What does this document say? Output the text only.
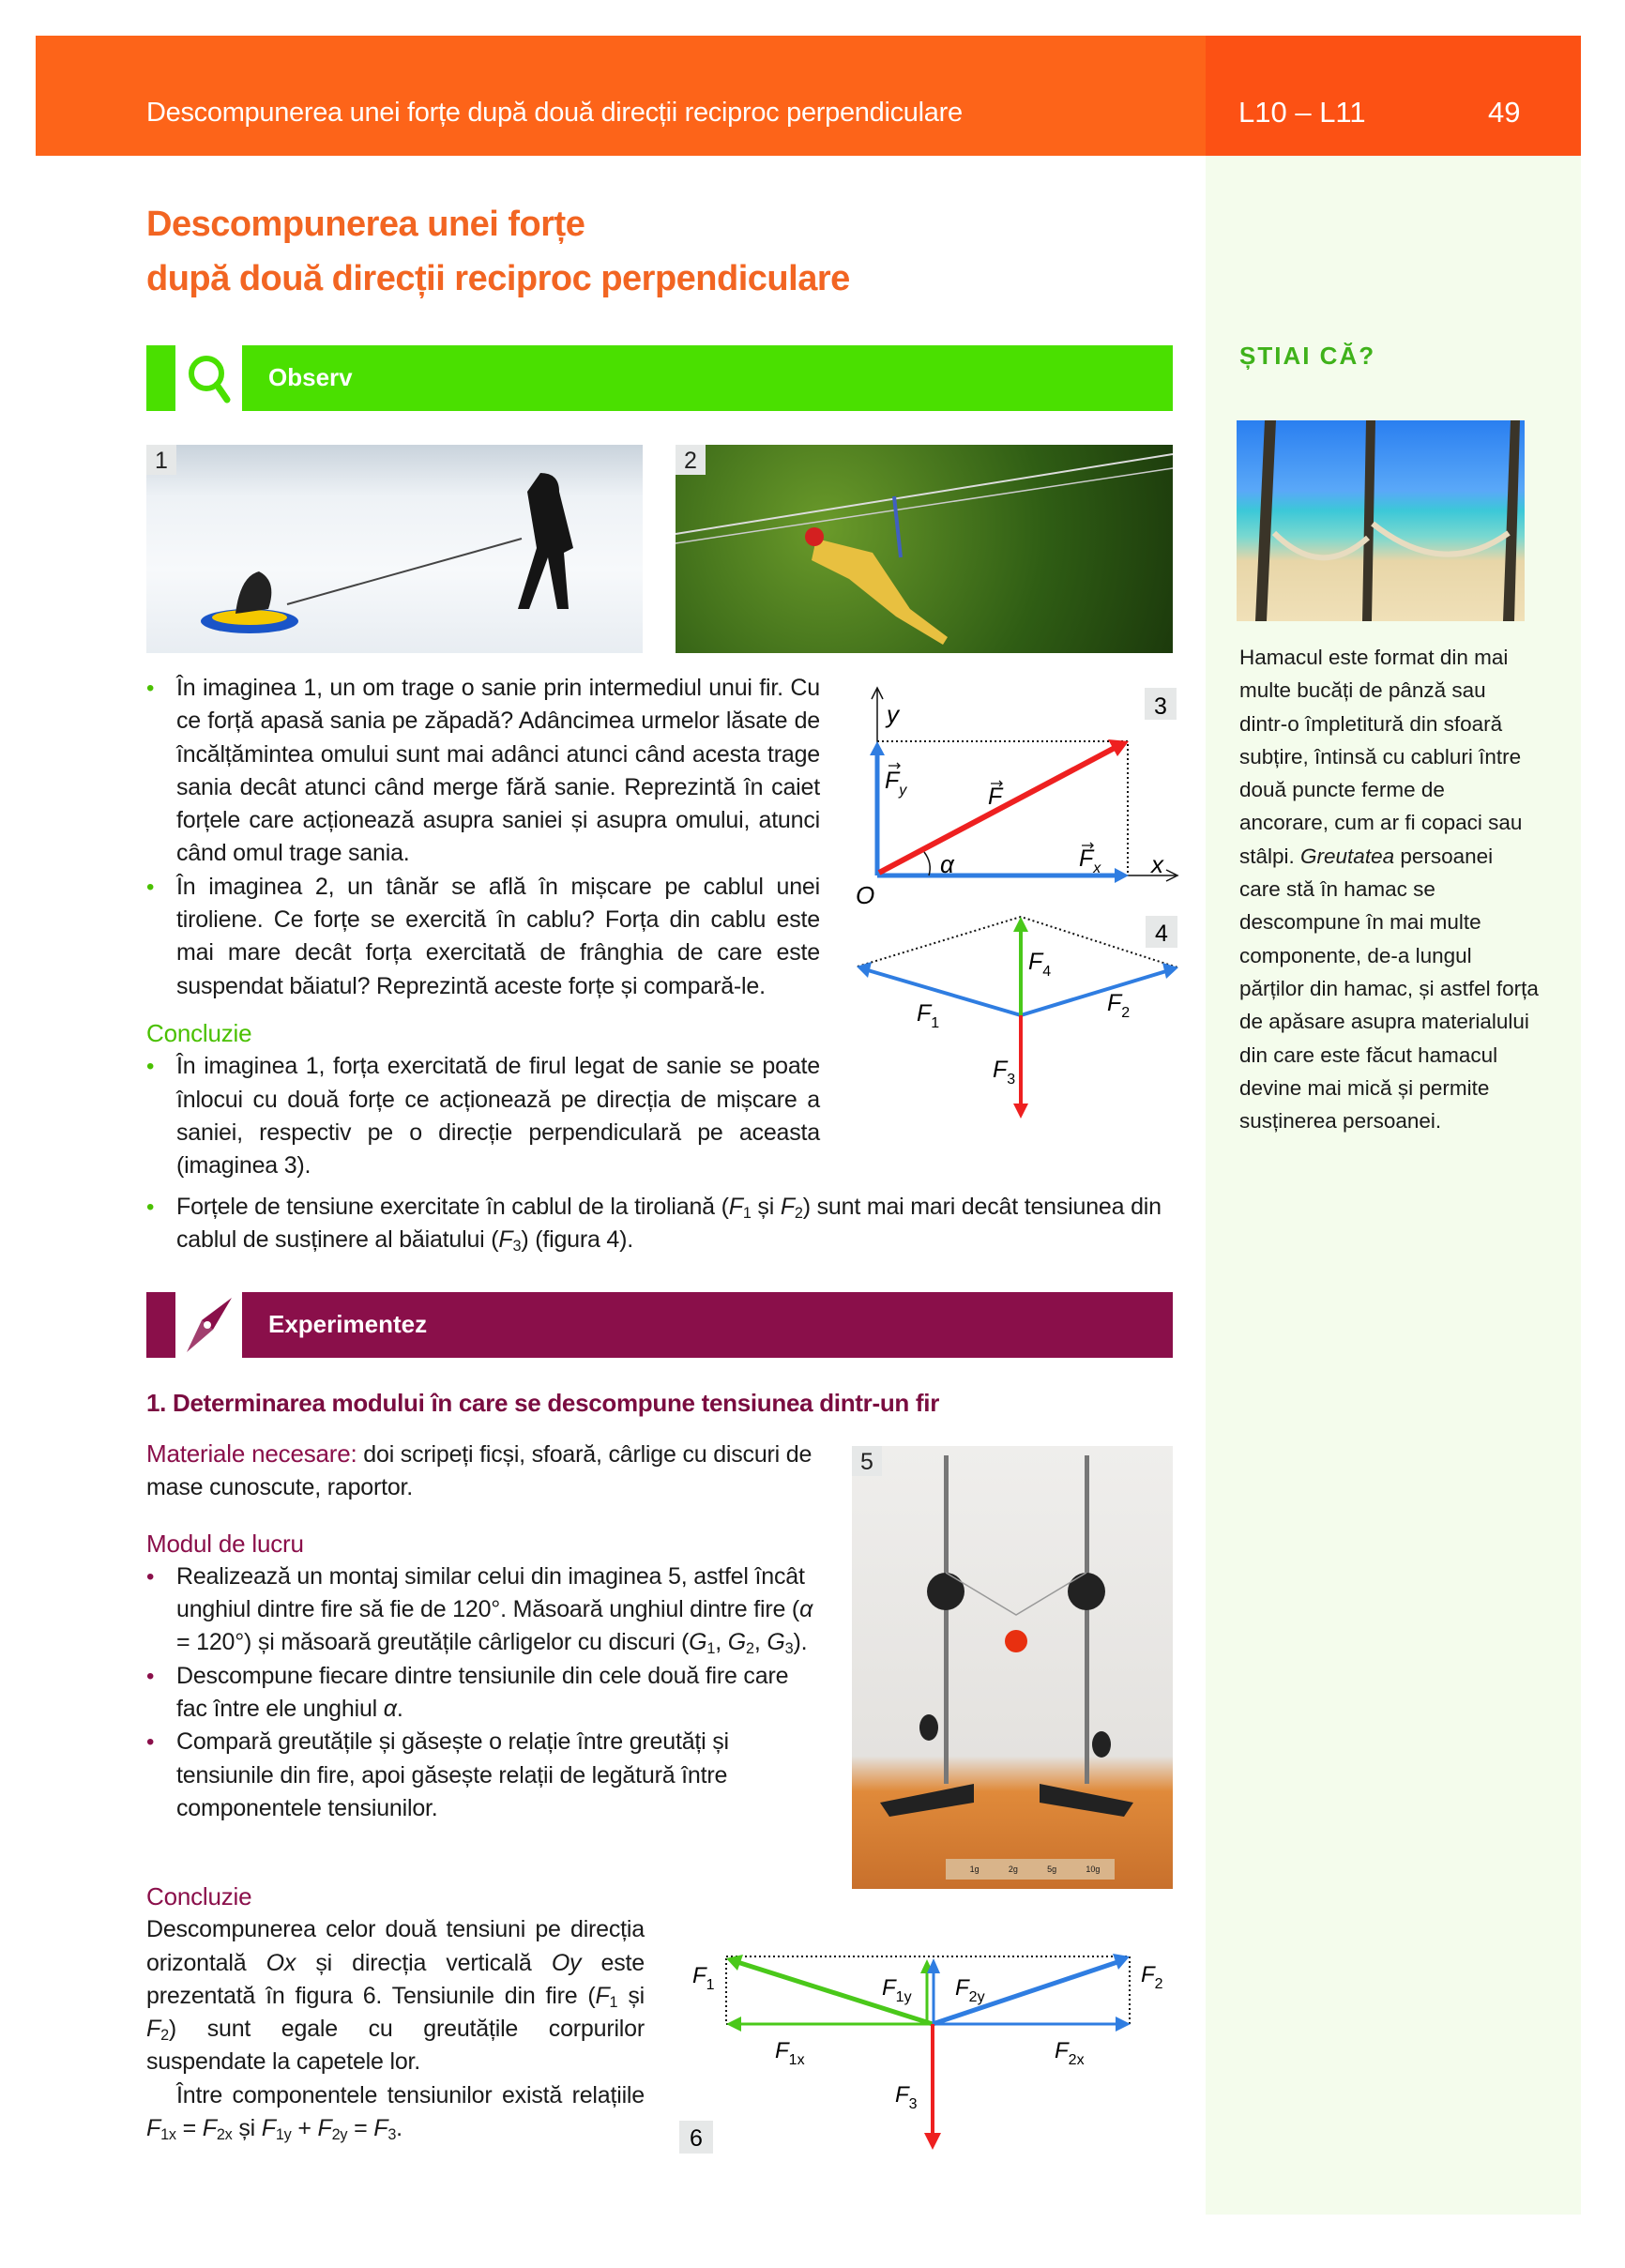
Descompunerea unei forțe după două direcții reciproc perpendiculare	L10 – L11	49
Descompunerea unei forțe
după două direcții reciproc perpendiculare
Observ
1	2
• În imaginea 1, un om trage o sanie prin intermediul unui fir. Cu ce forță apasă sania pe zăpadă? Adâncimea urmelor lăsate de încălțămintea omului sunt mai adânci atunci când acesta trage sania decât atunci când merge fără sanie. Reprezintă în caiet forțele care acționează asupra saniei și asupra omului, atunci când omul trage sania.
• În imaginea 2, un tânăr se află în mișcare pe cablul unei tiroliene. Ce forțe se exercită în cablu? Forța din cablu este mai mare decât forța exercitată de frânghia de care este suspendat băiatul? Reprezintă aceste forțe și compară-le.
Concluzie
• În imaginea 1, forța exercitată de firul legat de sanie se poate înlocui cu două forțe ce acționează pe direcția de mișcare a saniei, respectiv pe o direcție perpendiculară pe aceasta (imaginea 3).
• Forțele de tensiune exercitate în cablul de la tiroliană ($F_1$ și $F_2$) sunt mai mari decât tensiunea din cablul de susținere al băiatului $(F_3)$ (figura 4).
3
α
y
x
O
$F_y$	F
$F_x$
4
$F_1$
$F_2$
$F_3$
$F_4$
Experimentez
1. Determinarea modului în care se descompune tensiunea dintr-un fir
Materiale necesare: doi scripeți ficși, sfoară, cârlige cu discuri de mase cunoscute, raportor.
Modul de lucru
• Realizează un montaj similar celui din imaginea 5, astfel încât unghiul dintre fire să fie de 120°. Măsoară unghiul dintre fire (α = 120°) și măsoară greutățile cârligelor cu discuri ($G_1$, $G_2$, $G_3$).
• Descompune fiecare dintre tensiunile din cele două fire care fac între ele unghiul α.
• Compară greutățile și găsește o relație între greutăți și tensiunile din fire, apoi găsește relații de legătură între componentele tensiunilor.
1g	2g	5g	10g
5
Concluzie
Descompunerea celor două tensiuni pe direcția orizontală Ox și direcția verticală Oy este prezentată în figura 6. Tensiunile din fire ($F_1$ și $F_2$) sunt egale cu greutățile corpurilor suspendate la capetele lor.
Între componentele tensiunilor există relațiile $F_{1x} = F_{2x}$ și $F_{1y} + F_{2y} = F_3$.	6
$F_1$	$F_2$
$F_{1y}$ $F_{2y}$
$F_{1x}$	$F_{2x}$
$F_3$
ȘTIAI CĂ?
Hamacul este format din mai multe bucăți de pânză sau dintr-o împletitură din sfoară subțire, întinsă cu cabluri între două puncte ferme de ancorare, cum ar fi copaci sau stâlpi. Greutatea persoanei care stă în hamac se descompune în mai multe componente, de-a lungul părților din hamac, și astfel forța de apăsare asupra materialului din care este făcut hamacul devine mai mică și permite susținerea persoanei.
